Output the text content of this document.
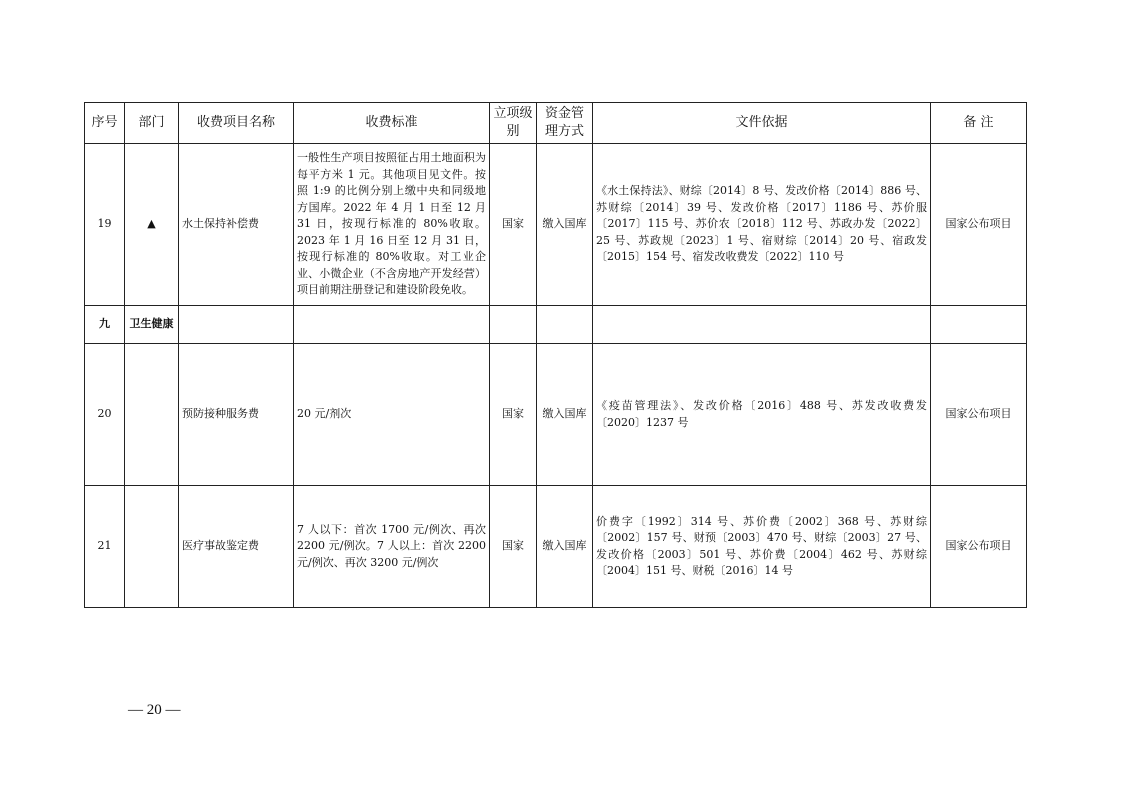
序号	部门	收费项目名称	收费标准	立项级别	资金管理方式	文件依据	备 注
19	▲	水土保持补偿费	一般性生产项目按照征占用土地面积为每平方米 1 元。其他项目见文件。按照 1:9 的比例分别上缴中央和同级地方国库。2022 年 4 月 1 日至 12 月 31 日，按现行标准的 80%收取。2023 年 1 月 16 日至 12 月 31 日，按现行标准的 80%收取。对工业企业、小微企业（不含房地产开发经营）项目前期注册登记和建设阶段免收。	国家	缴入国库	《水土保持法》、财综〔2014〕8 号、发改价格〔2014〕886 号、苏财综〔2014〕39 号、发改价格〔2017〕1186 号、苏价服〔2017〕115 号、苏价农〔2018〕112 号、苏政办发〔2022〕25 号、苏政规〔2023〕1 号、宿财综〔2014〕20 号、宿政发〔2015〕154 号、宿发改收费发〔2022〕110 号	国家公布项目
九	卫生健康						
20		预防接种服务费	20 元/剂次	国家	缴入国库	《疫苗管理法》、发改价格〔2016〕488 号、苏发改收费发〔2020〕1237 号	国家公布项目
21		医疗事故鉴定费	7 人以下：首次 1700 元/例次、再次 2200 元/例次。7 人以上：首次 2200 元/例次、再次 3200 元/例次	国家	缴入国库	价费字〔1992〕314 号、苏价费〔2002〕368 号、苏财综〔2002〕157 号、财预〔2003〕470 号、财综〔2003〕27 号、发改价格〔2003〕501 号、苏价费〔2004〕462 号、苏财综〔2004〕151 号、财税〔2016〕14 号	国家公布项目
— 20 —
